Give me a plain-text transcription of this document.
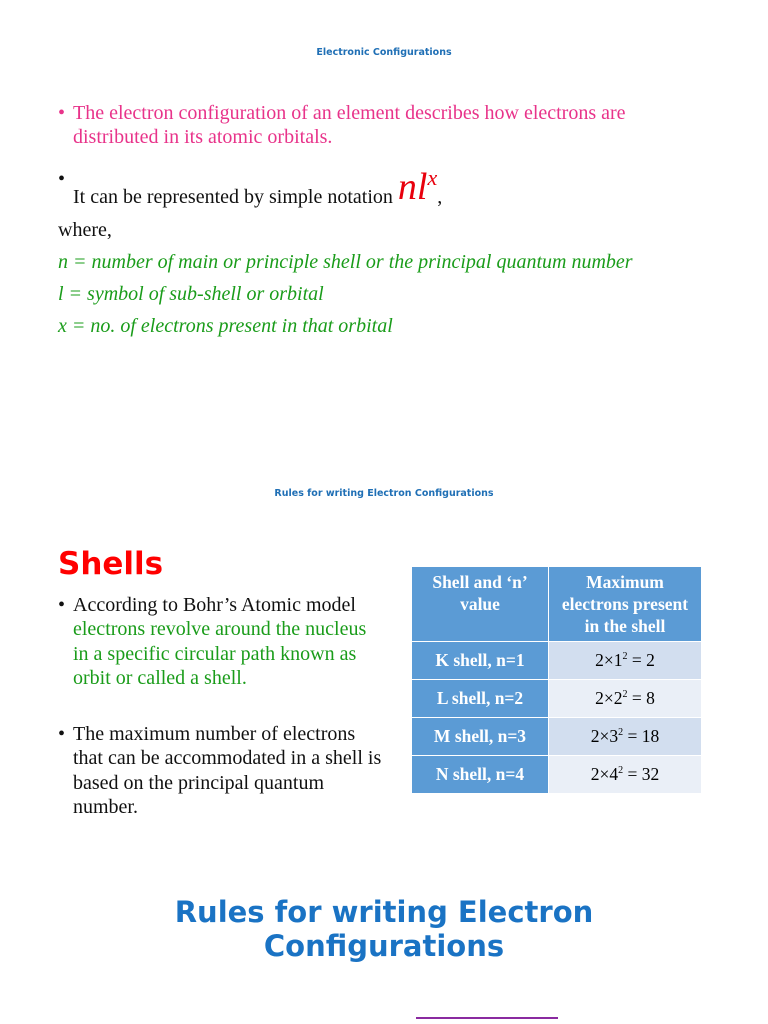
Electronic Configurations
• The electron configuration of an element describes how electrons are
distributed in its atomic orbitals.
•
It can be represented by simple notation nlx,
where,
n = number of main or principle shell or the principal quantum number
l = symbol of sub-shell or orbital
x = no. of electrons present in that orbital
Rules for writing Electron Configurations
Shells
• According to Bohr’s Atomic model electrons revolve around the nucleus in a specific circular path known as orbit or called a shell.
• The maximum number of electrons that can be accommodated in a shell is based on the principal quantum number.
Shell and ‘n’ value	Maximum electrons present in the shell
K shell, n=1	$2\times 1^2 = 2$
L shell, n=2	$2\times 2^2 = 8$
M shell, n=3	$2\times 3^2 = 18$
N shell, n=4	$2\times 4^2 = 32$
Rules for writing Electron
Configurations
